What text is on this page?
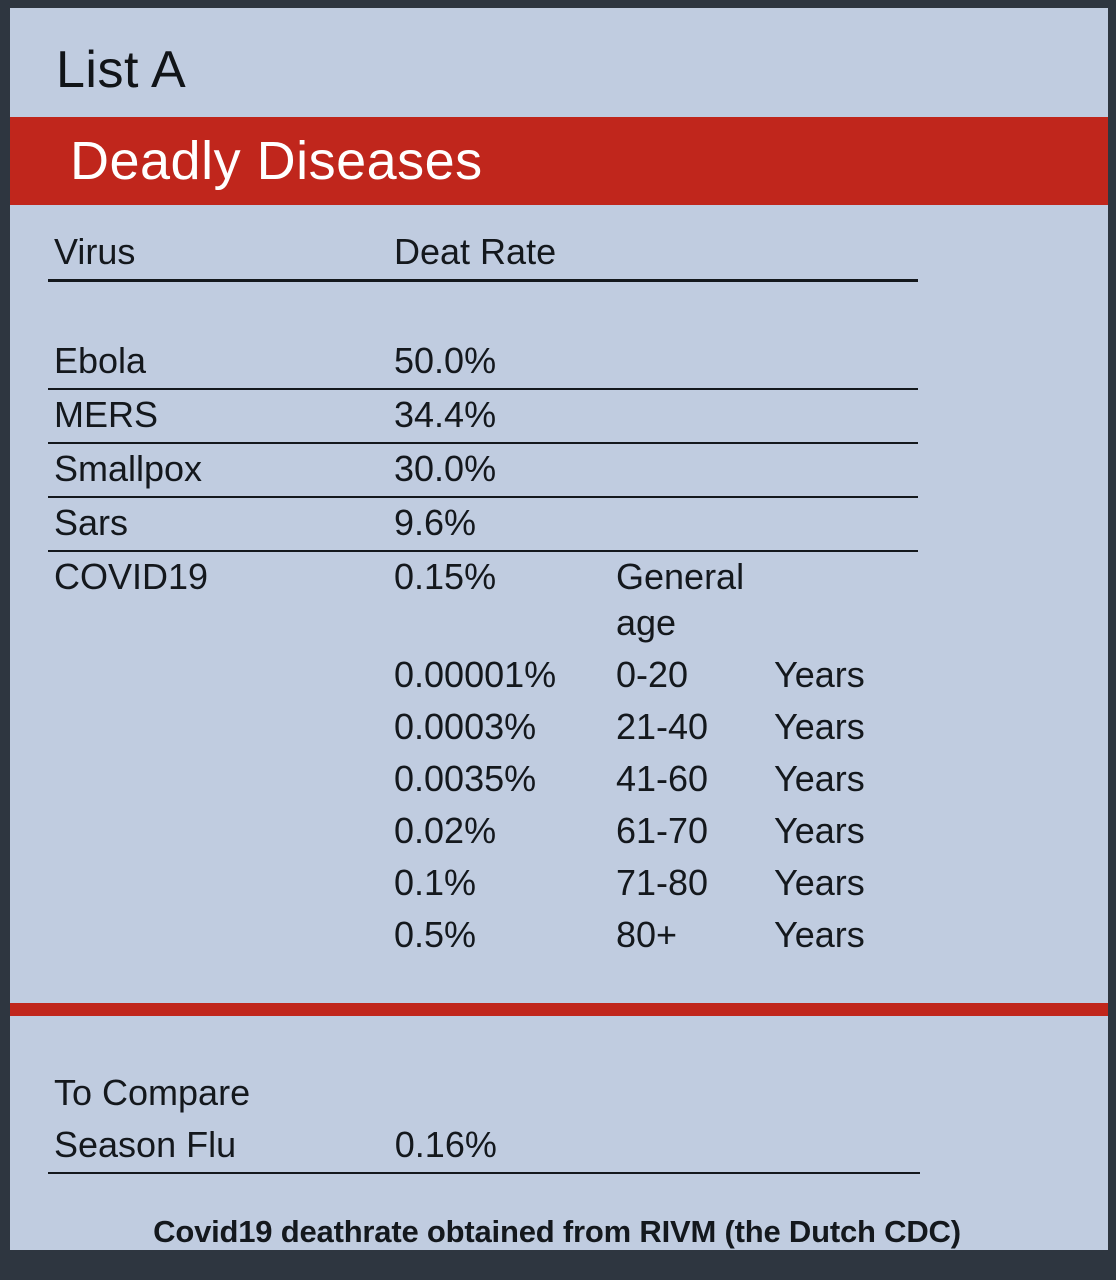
List A
Deadly Diseases
Virus	Deat Rate		

Ebola	50.0%		
MERS	34.4%		
Smallpox	30.0%		
Sars	9.6%		
COVID19	0.15%	General age	
	0.00001%	0-20	Years
	0.0003%	21-40	Years
	0.0035%	41-60	Years
	0.02%	61-70	Years
	0.1%	71-80	Years
	0.5%	80+	Years
To Compare			
Season Flu	0.16%		
Covid19 deathrate obtained from RIVM (the Dutch CDC)
